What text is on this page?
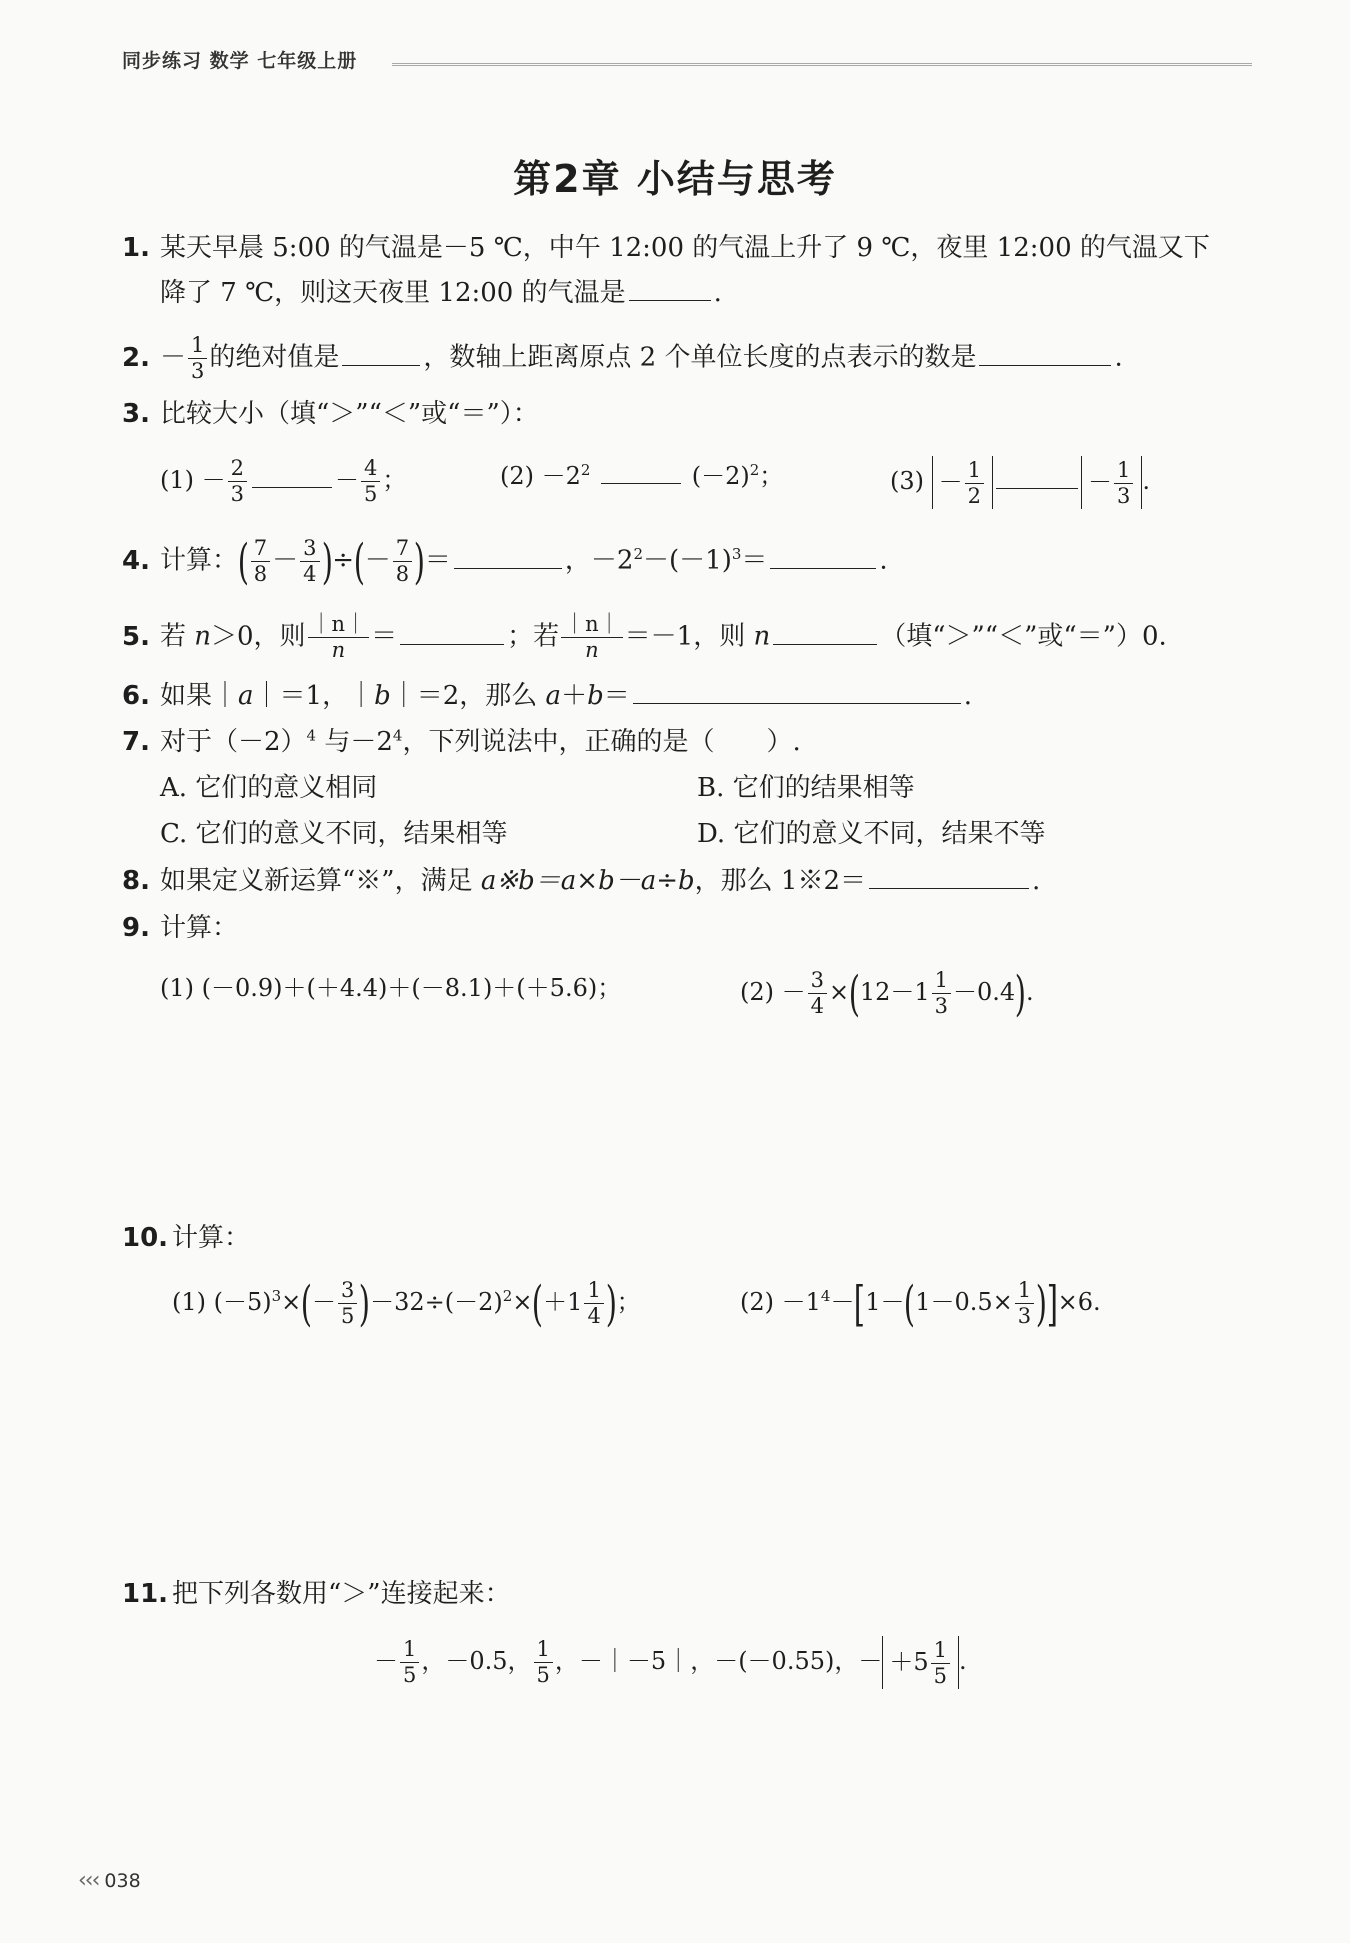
同步练习 数学 七年级上册
第2章 小结与思考
1. 某天早晨 5:00 的气温是－5 ℃，中午 12:00 的气温上升了 9 ℃，夜里 12:00 的气温又下
降了 7 ℃，则这天夜里 12:00 的气温是	.
2. － $\frac{1}{3}$ 的绝对值是	，数轴上距离原点 2 个单位长度的点表示的数是	.
3. 比较大小（填“＞”“＜”或“＝”）：
$(1) - \frac{2}{3}$	－ $\frac{4}{5}$ ；	$(2) -2^2$	$(-2)^2$；	$(3) - \frac{1}{2}$	－ $\frac{1}{3}$ .
4. 计算：( $\frac{7}{8} - \frac{3}{4}$ )÷(－ $\frac{7}{8}$ )＝	，$-2^2-(-1)^3=$	.
5. 若 n＞0，则 $\frac{|n|}{n}$ ＝	；若 $\frac{|n|}{n} =-1$，则 n	（填“＞”“＜”或“＝”）0.
6. 如果｜a｜＝1，｜b｜＝2，那么 a＋b＝	.
7. 对于$(-2)^4$ 与$-2^4$，下列说法中，正确的是（　　）.
A. 它们的意义相同	B. 它们的结果相等
C. 它们的意义不同，结果相等	D. 它们的意义不同，结果不等
8. 如果定义新运算“※”，满足 a※b＝a×b－a÷b，那么 1※2＝	.
9. 计算：
(1) (－0.9)＋(＋4.4)＋(－8.1)＋(＋5.6)；	$(2) - \frac{3}{4} \times(12-1 \frac{1}{3} -0.4)$.
10. 计算：
(1) $(-5)^3\times(- \frac{3}{5} )-32\div(-2)^2\times(+1 \frac{1}{4}$ )；	$(2) -1^4-[1-(1-0.5\times \frac{1}{3} )]\times 6$.
11. 把下列各数用“＞”连接起来：
－ $\frac{1}{5}$ ，－0.5， $\frac{1}{5}$ ，－｜－5｜，－(－0.55)，－ $+5 \frac{1}{5}$ .
‹‹‹ 038
